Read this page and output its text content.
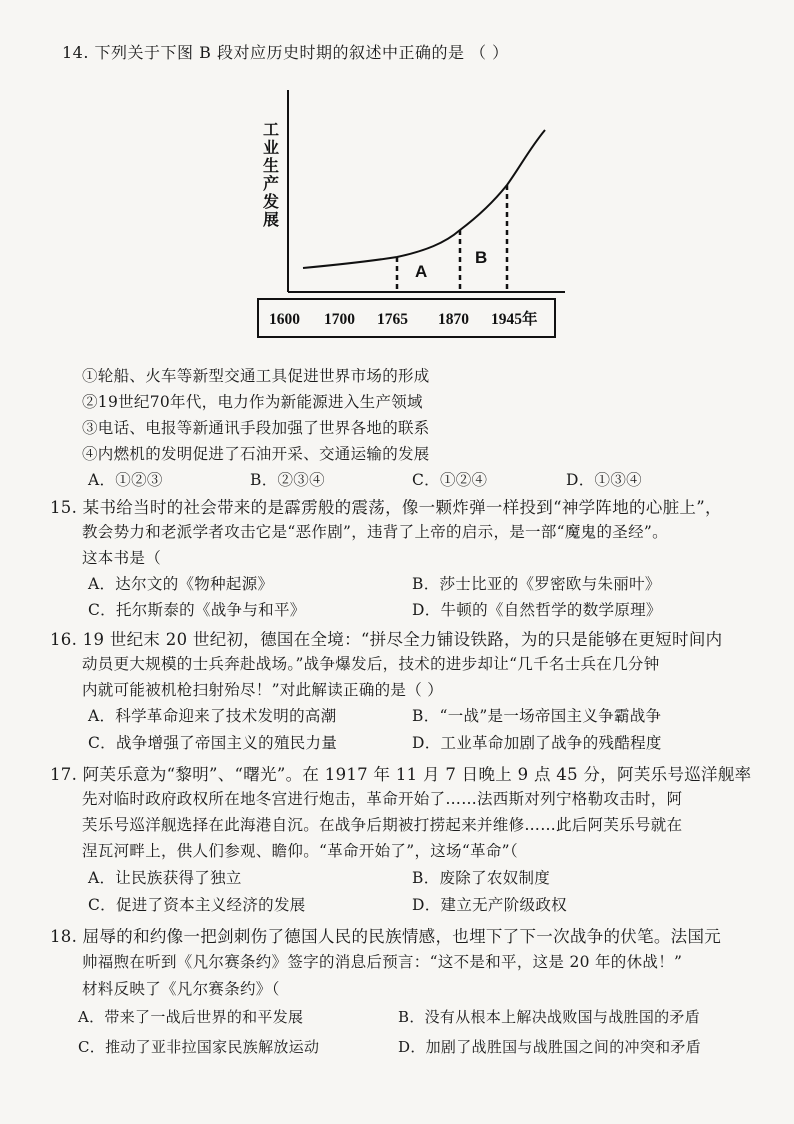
14. 下列关于下图 B 段对应历史时期的叙述中正确的是 （ ）
工
业
生
产
发
展
A
B
1600 1700 1765 1870 1945年
①轮船、火车等新型交通工具促进世界市场的形成
②19世纪70年代，电力作为新能源进入生产领域
③电话、电报等新通讯手段加强了世界各地的联系
④内燃机的发明促进了石油开采、交通运输的发展
A．①②③	B．②③④	C．①②④	D．①③④
15. 某书给当时的社会带来的是霹雳般的震荡，像一颗炸弹一样投到“神学阵地的心脏上”，
教会势力和老派学者攻击它是“恶作剧”，违背了上帝的启示，是一部“魔鬼的圣经”。
这本书是（
A．达尔文的《物种起源》	B．莎士比亚的《罗密欧与朱丽叶》
C．托尔斯泰的《战争与和平》	D．牛顿的《自然哲学的数学原理》
16. 19 世纪末 20 世纪初，德国在全境：“拼尽全力铺设铁路，为的只是能够在更短时间内
动员更大规模的士兵奔赴战场。”战争爆发后，技术的进步却让“几千名士兵在几分钟
内就可能被机枪扫射殆尽！”对此解读正确的是（ ）
A．科学革命迎来了技术发明的高潮	B．“一战”是一场帝国主义争霸战争
C．战争增强了帝国主义的殖民力量	D．工业革命加剧了战争的残酷程度
17. 阿芙乐意为“黎明”、“曙光”。在 1917 年 11 月 7 日晚上 9 点 45 分，阿芙乐号巡洋舰率
先对临时政府政权所在地冬宫进行炮击，革命开始了……法西斯对列宁格勒攻击时，阿
芙乐号巡洋舰选择在此海港自沉。在战争后期被打捞起来并维修……此后阿芙乐号就在
涅瓦河畔上，供人们参观、瞻仰。“革命开始了”，这场“革命”（
A．让民族获得了独立	B．废除了农奴制度
C．促进了资本主义经济的发展	D．建立无产阶级政权
18. 屈辱的和约像一把剑刺伤了德国人民的民族情感，也埋下了下一次战争的伏笔。法国元
帅福煦在听到《凡尔赛条约》签字的消息后预言：“这不是和平，这是 20 年的休战！”
材料反映了《凡尔赛条约》（
A．带来了一战后世界的和平发展	B．没有从根本上解决战败国与战胜国的矛盾
C．推动了亚非拉国家民族解放运动	D．加剧了战胜国与战胜国之间的冲突和矛盾
